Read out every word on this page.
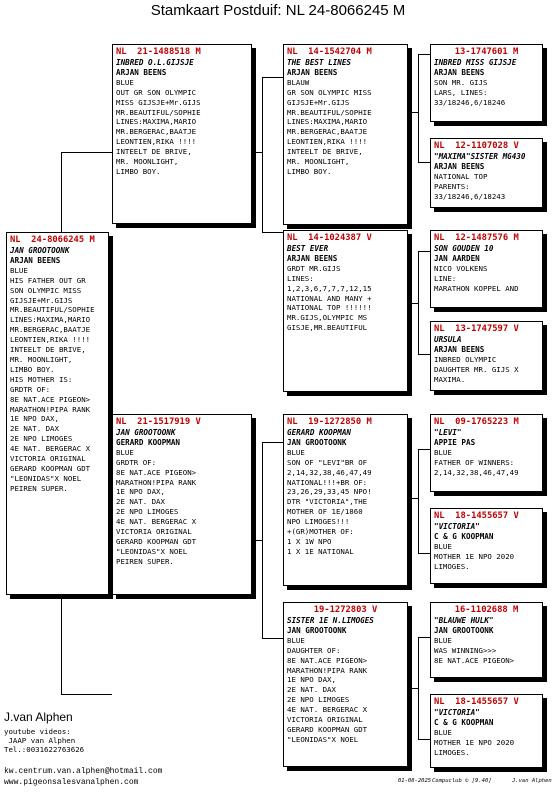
Stamkaart Postduif: NL 24-8066245 M
NL  24-8066245 M
JAN GROOTOONK
ARJAN BEENS
BLUE
HIS FATHER OUT GR
SON OLYMPIC MISS
GIJSJE+Mr.GIJS
MR.BEAUTIFUL/SOPHIE
LINES:MAXIMA,MARIO
MR.BERGERAC,BAATJE
LEONTIEN,RIKA !!!!
INTEELT DE BRIVE,
MR. MOONLIGHT,
LIMBO BOY.
HIS MOTHER IS:
GRDTR OF:
8E NAT.ACE PIGEON>
MARATHON!PIPA RANK
1E NPO DAX,
2E NAT. DAX
2E NPO LIMOGES
4E NAT. BERGERAC X
VICTORIA ORIGINAL
GERARD KOOPMAN GDT
"LEONIDAS"X NOEL
PEIREN SUPER.
NL  21-1488518 M
INBRED O.L.GIJSJE
ARJAN BEENS
BLUE
OUT GR SON OLYMPIC
MISS GIJSJE+Mr.GIJS
MR.BEAUTIFUL/SOPHIE
LINES:MAXIMA,MARIO
MR.BERGERAC,BAATJE
LEONTIEN,RIKA !!!!
INTEELT DE BRIVE,
MR. MOONLIGHT,
LIMBO BOY.
NL  21-1517919 V
JAN GROOTOONK
GERARD KOOPMAN
BLUE
GRDTR OF:
8E NAT.ACE PIGEON>
MARATHON!PIPA RANK
1E NPO DAX,
2E NAT. DAX
2E NPO LIMOGES
4E NAT. BERGERAC X
VICTORIA ORIGINAL
GERARD KOOPMAN GDT
"LEONIDAS"X NOEL
PEIREN SUPER.
NL  14-1542704 M
THE BEST LINES
ARJAN BEENS
BLAUW
GR SON OLYMPIC MISS
GIJSJE+Mr.GIJS
MR.BEAUTIFUL/SOPHIE
LINES:MAXIMA,MARIO
MR.BERGERAC,BAATJE
LEONTIEN,RIKA !!!!
INTEELT DE BRIVE,
MR. MOONLIGHT,
LIMBO BOY.
NL  14-1024387 V
BEST EVER
ARJAN BEENS
GRDT MR.GIJS
LINES:
1,2,3,6,7,7,7,12,15
NATIONAL AND MANY +
NATIONAL TOP !!!!!!
MR.GIJS,OLYMPIC MS
GISJE,MR.BEAUTIFUL
NL  19-1272850 M
GERARD KOOPMAN
JAN GROOTOONK
BLUE
SON OF "LEVI"BR OF
2,14,32,38,46,47,49
NATIONAL!!!+BR OF:
23,26,29,33,45 NPO!
DTR "VICTORIA",THE
MOTHER OF 1E/1860
NPO LIMOGES!!!
+(GR)MOTHER OF:
1 X 1W NPO
1 X 1E NATIONAL
19-1272803 V
SISTER 1E N.LIMOGES
JAN GROOTOONK
BLUE
DAUGHTER OF:
8E NAT.ACE PIGEON>
MARATHON!PIPA RANK
1E NPO DAX,
2E NAT. DAX
2E NPO LIMOGES
4E NAT. BERGERAC X
VICTORIA ORIGINAL
GERARD KOOPMAN GDT
"LEONIDAS"X NOEL
13-1747601 M
INBRED MISS GIJSJE
ARJAN BEENS
SON MR. GIJS
LARS, LINES:
33/18246,6/18246
NL  12-1107028 V
"MAXIMA"SISTER MG430
ARJAN BEENS
NATIONAL TOP
PARENTS:
33/18246,6/18243
NL  12-1487576 M
SON GOUDEN 10
JAN AARDEN
NICO VOLKENS
LINE:
MARATHON KOPPEL AND
NL  13-1747597 V
URSULA
ARJAN BEENS
INBRED OLYMPIC
DAUGHTER MR. GIJS X
MAXIMA.
NL  09-1765223 M
"LEVI"
APPIE PAS
BLUE
FATHER OF WINNERS:
2,14,32,38,46,47,49
NL  18-1455657 V
"VICTORIA"
C & G KOOPMAN
BLUE
MOTHER 1E NPO 2020
LIMOGES.
16-1102688 M
"BLAUWE HULK"
JAN GROOTOONK
BLUE
WAS WINNING>>>
8E NAT.ACE PIGEON>
NL  18-1455657 V
"VICTORIA"
C & G KOOPMAN
BLUE
MOTHER 1E NPO 2020
LIMOGES.
J.van Alphen
youtube videos:
JAAP van Alphen
Tel.:0031622763626
kw.centrum.van.alphen@hotmail.com
www.pigeonsalesvanalphen.com	01-08-2025 Compuclub © [9.40]	J.van Alphen
